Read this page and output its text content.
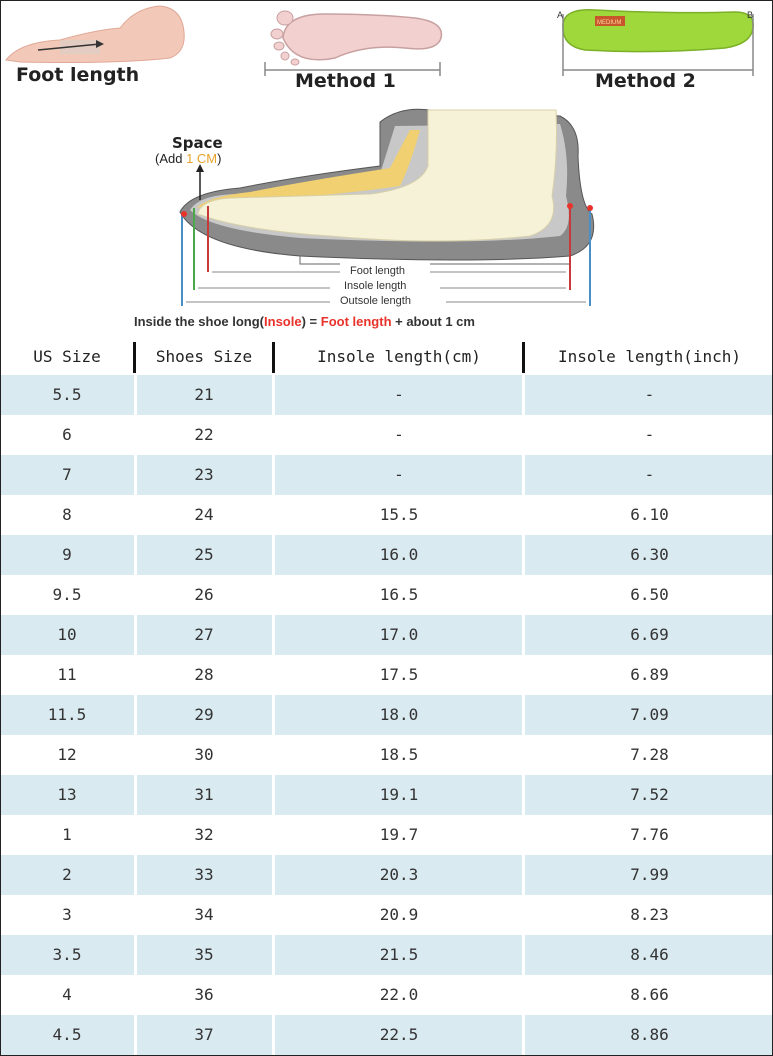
Foot length	Method 1
A	B
MEDIUM
Method 2
Space
(Add 1 CM)
Foot length
Insole length
Outsole length
Inside the shoe long(Insole) = Foot length + about 1 cm
US Size	Shoes Size	Insole length(cm)	Insole length(inch)
5.5	21	-	-
6	22	-	-
7	23	-	-
8	24	15.5	6.10
9	25	16.0	6.30
9.5	26	16.5	6.50
10	27	17.0	6.69
11	28	17.5	6.89
11.5	29	18.0	7.09
12	30	18.5	7.28
13	31	19.1	7.52
1	32	19.7	7.76
2	33	20.3	7.99
3	34	20.9	8.23
3.5	35	21.5	8.46
4	36	22.0	8.66
4.5	37	22.5	8.86
